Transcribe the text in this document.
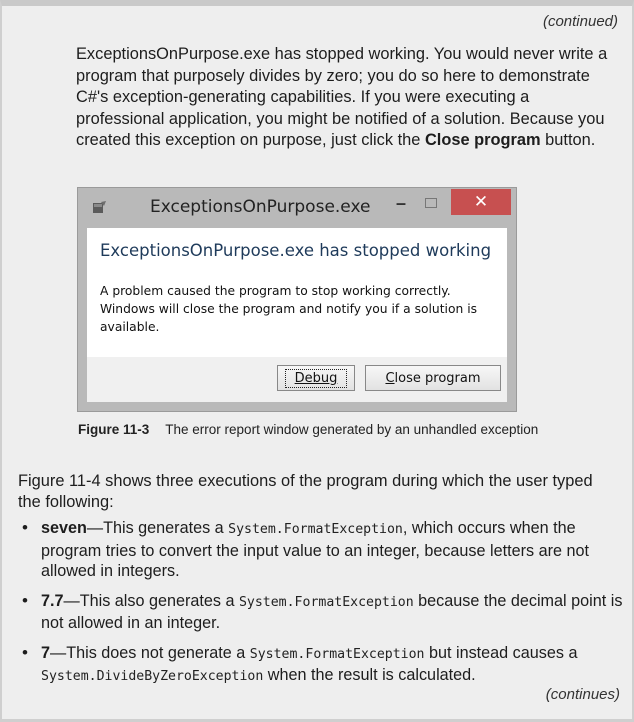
(continued)

ExceptionsOnPurpose.exe has stopped working. You would never write a program that purposely divides by zero; you do so here to demonstrate C#'s exception-generating capabilities. If you were executing a professional application, you might be notified of a solution. Because you created this exception on purpose, just click the Close program button.

ExceptionsOnPurpose.exe	–	✕
ExceptionsOnPurpose.exe has stopped working

A problem caused the program to stop working correctly. Windows will close the program and notify you if a solution is available.

Debug	C lose program
Figure 11-3 The error report window generated by an unhandled exception

Figure 11-4 shows three executions of the program during which the user typed the following:

• seven—This generates a System.FormatException, which occurs when the program tries to convert the input value to an integer, because letters are not allowed in integers.
• 7.7—This also generates a System.FormatException because the decimal point is not allowed in an integer.
• 7—This does not generate a System.FormatException but instead causes a System.DivideByZeroException when the result is calculated.
(continues)
